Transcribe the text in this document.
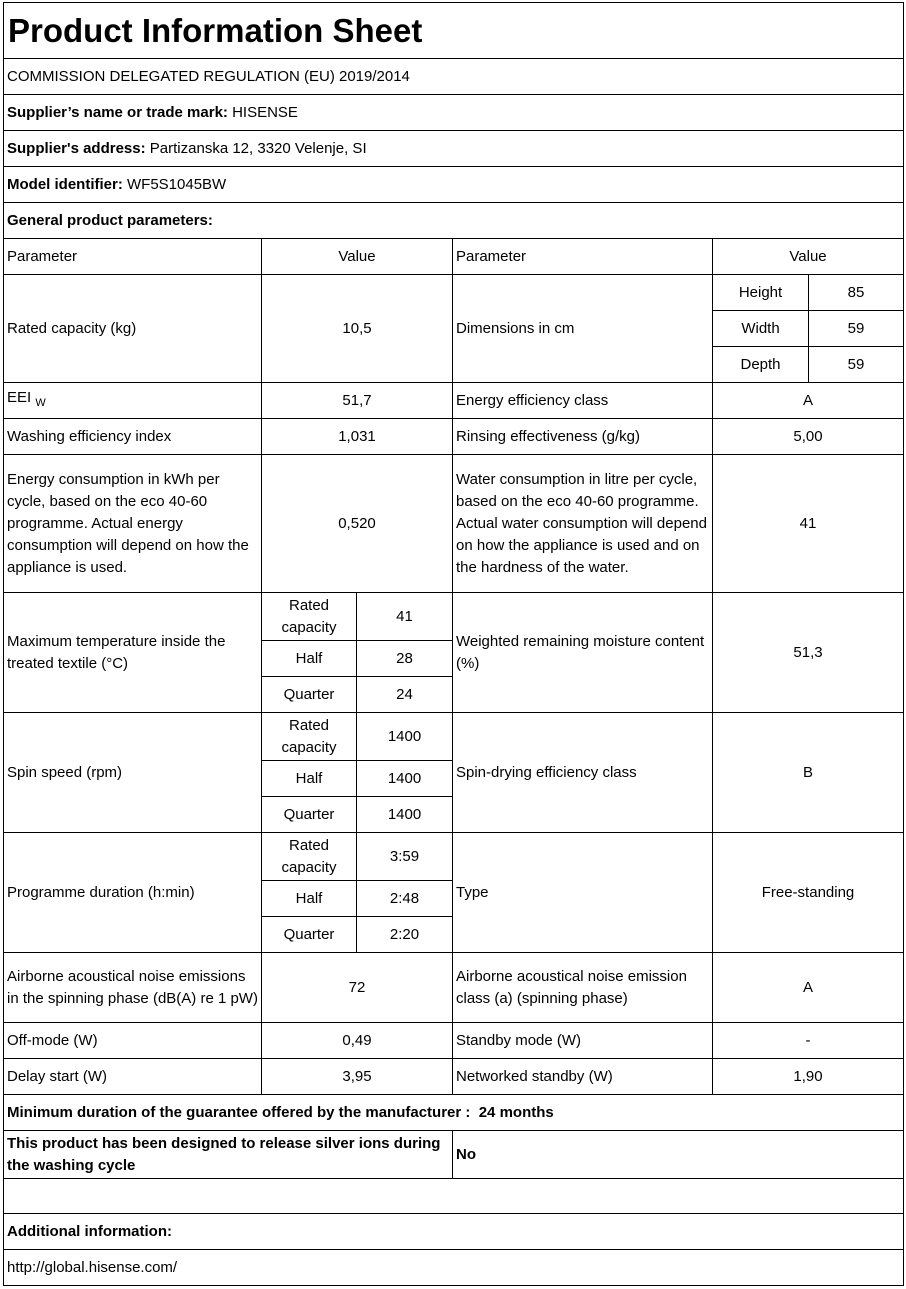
Product Information Sheet					
COMMISSION DELEGATED REGULATION (EU) 2019/2014					
Supplier’s name or trade mark: HISENSE					
Supplier's address: Partizanska 12, 3320 Velenje, SI					
Model identifier: WF5S1045BW					
General product parameters:					
Parameter	Value		Parameter	Value	
Rated capacity (kg)	10,5		Dimensions in cm	Height	85
				Width	59
				Depth	59
EEI $_W$	51,7		Energy efficiency class	A	
Washing efficiency index	1,031		Rinsing effectiveness (g/kg)	5,00	
Energy consumption in kWh per cycle, based on the eco 40-60 programme. Actual energy consumption will depend on how the appliance is used.	0,520		Water consumption in litre per cycle, based on the eco 40-60 programme. Actual water consumption will depend on how the appliance is used and on the hardness of the water.	41	
Maximum temperature inside the treated textile (°C)	Rated capacity	41	Weighted remaining moisture content (%)	51,3	
	Half	28			
	Quarter	24			
Spin speed (rpm)	Rated capacity	1400	Spin-drying efficiency class	B	
	Half	1400			
	Quarter	1400			
Programme duration (h:min)	Rated capacity	3:59	Type	Free-standing	
	Half	2:48			
	Quarter	2:20			
Airborne acoustical noise emissions in the spinning phase (dB(A) re 1 pW)	72		Airborne acoustical noise emission class (a) (spinning phase)	A	
Off-mode (W)	0,49		Standby mode (W)	-	
Delay start (W)	3,95		Networked standby (W)	1,90	
Minimum duration of the guarantee offered by the manufacturer : 24 months					
This product has been designed to release silver ions during the washing cycle			No		

Additional information:					
http://global.hisense.com/					
